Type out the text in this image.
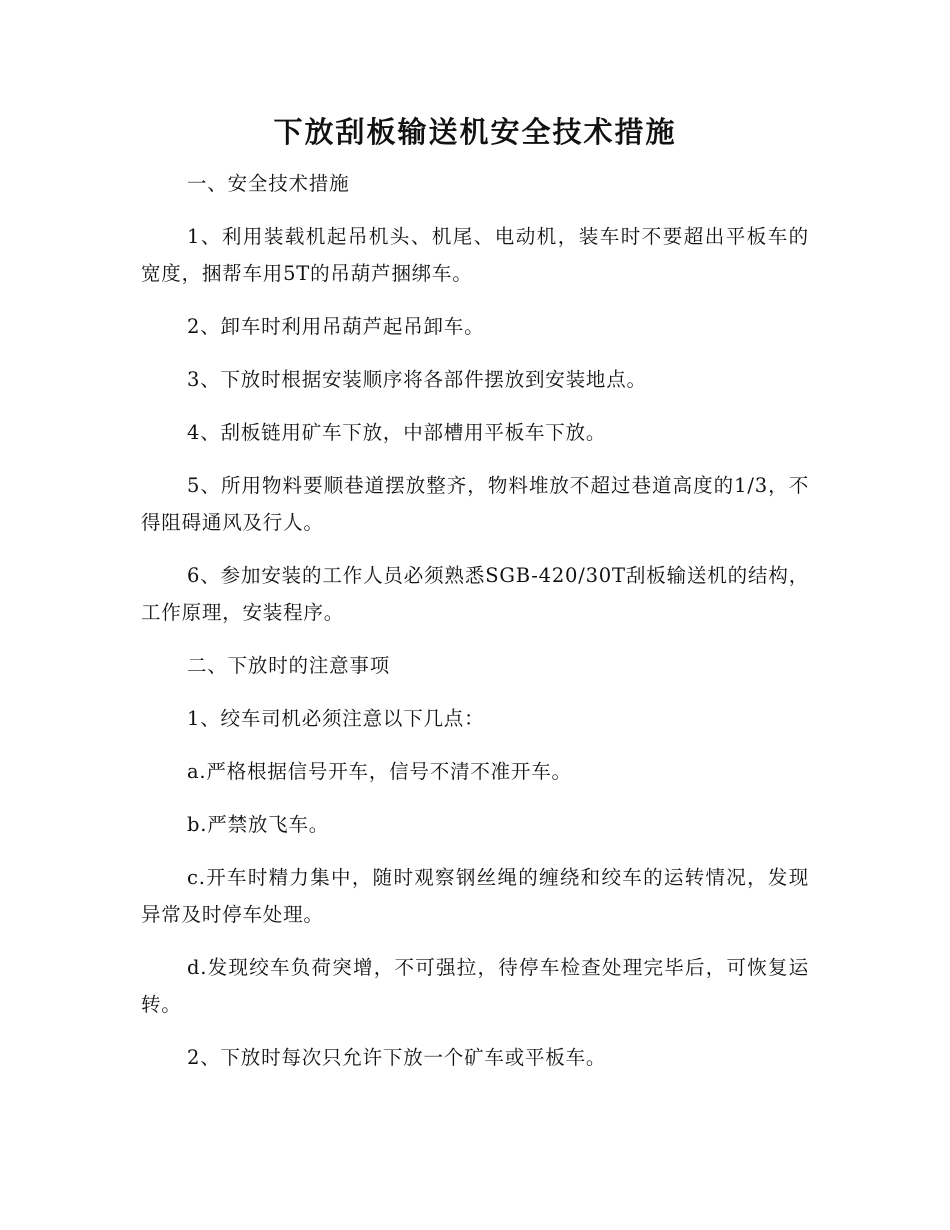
下放刮板输送机安全技术措施

一、安全技术措施

1、利用装载机起吊机头、机尾、电动机，装车时不要超出平板车的宽度，捆帮车用5T的吊葫芦捆绑车。

2、卸车时利用吊葫芦起吊卸车。

3、下放时根据安装顺序将各部件摆放到安装地点。

4、刮板链用矿车下放，中部槽用平板车下放。

5、所用物料要顺巷道摆放整齐，物料堆放不超过巷道高度的1/3，不得阻碍通风及行人。

6、参加安装的工作人员必须熟悉SGB-420/30T刮板输送机的结构，工作原理，安装程序。

二、下放时的注意事项

1、绞车司机必须注意以下几点：

a.严格根据信号开车，信号不清不准开车。

b.严禁放飞车。

c.开车时精力集中，随时观察钢丝绳的缠绕和绞车的运转情况，发现异常及时停车处理。

d.发现绞车负荷突增，不可强拉，待停车检查处理完毕后，可恢复运转。

2、下放时每次只允许下放一个矿车或平板车。
